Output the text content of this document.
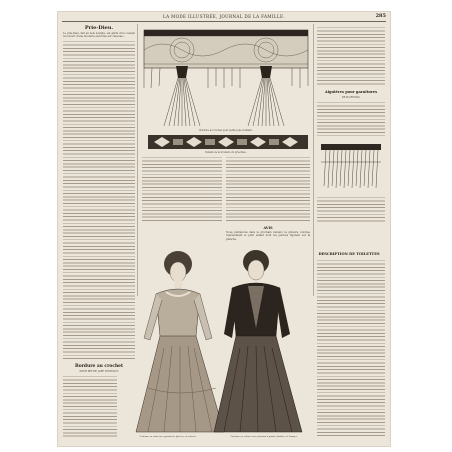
LA MODE ILLUSTRÉE, JOURNAL DE LA FAMILLE.	285
Prie-Dieu.
Le prie-Dieu, fait en bois sculpté, est garni d'un coussin recouvert d'une broderie exécutée sur canevas...
Bordure au crochet
POUR PETITE JUPE D'ENFANT.
Bordure au crochet pour petite jupe d'enfant.
Détails de la broderie du prie-Dieu.
Aiguières pour garnitures
DE PLAFONDS.
AVIS
Nous publierons dans le prochain numéro la gravure coloriée représentant le petit enfant dont les patrons figurent sur la planche.
DESCRIPTION DE TOILETTES
Costume en satin avec garnitures plissées en velours.	Costume en velours avec plastron à pointes brodées et franges.
